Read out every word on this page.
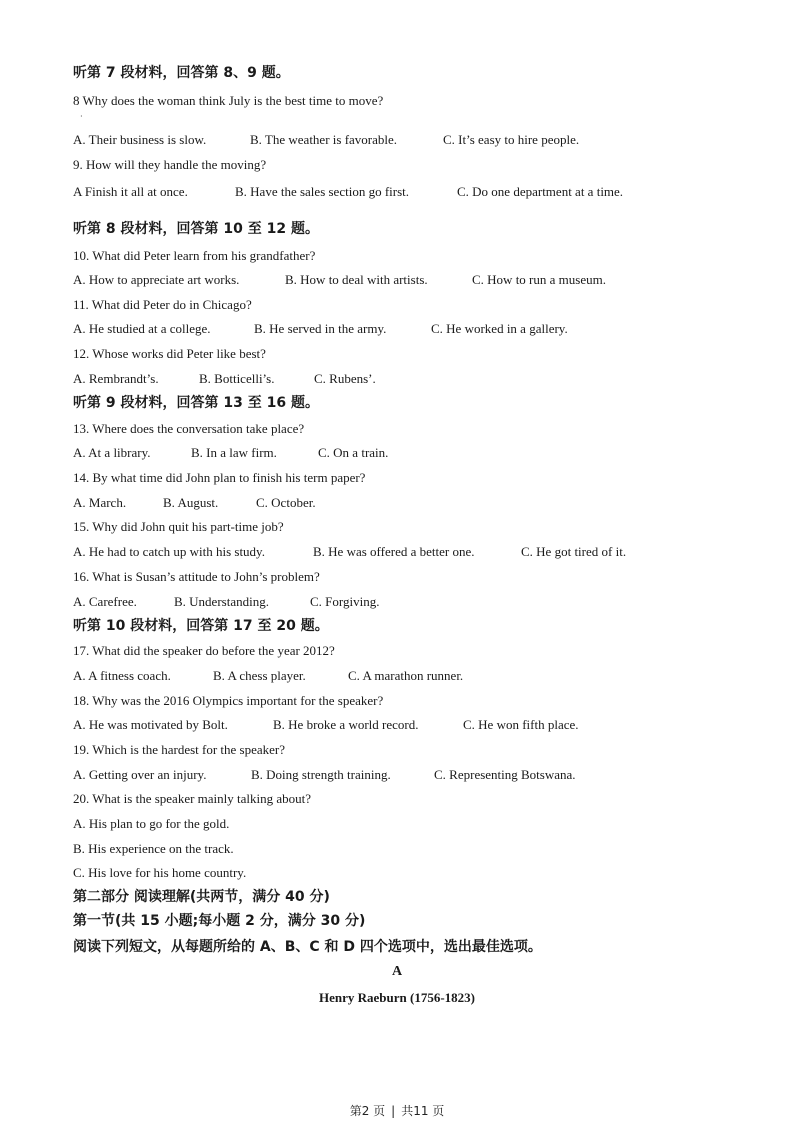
听第 7 段材料，回答第 8、9 题。
8 Why does the woman think July is the best time to move?
·
A. Their business is slow.	B. The weather is favorable.	C. It’s easy to hire people.
9. How will they handle the moving?
A Finish it all at once.	B. Have the sales section go first.	C. Do one department at a time.
听第 8 段材料，回答第 10 至 12 题。
10. What did Peter learn from his grandfather?
A. How to appreciate art works.	B. How to deal with artists.	C. How to run a museum.
11. What did Peter do in Chicago?
A. He studied at a college.	B. He served in the army.	C. He worked in a gallery.
12. Whose works did Peter like best?
A. Rembrandt’s.	B. Botticelli’s.	C. Rubens’.
听第 9 段材料，回答第 13 至 16 题。
13. Where does the conversation take place?
A. At a library.	B. In a law firm.	C. On a train.
14. By what time did John plan to finish his term paper?
A. March.	B. August.	C. October.
15. Why did John quit his part-time job?
A. He had to catch up with his study.	B. He was offered a better one.	C. He got tired of it.
16. What is Susan’s attitude to John’s problem?
A. Carefree.	B. Understanding.	C. Forgiving.
听第 10 段材料，回答第 17 至 20 题。
17. What did the speaker do before the year 2012?
A. A fitness coach.	B. A chess player.	C. A marathon runner.
18. Why was the 2016 Olympics important for the speaker?
A. He was motivated by Bolt.	B. He broke a world record.	C. He won fifth place.
19. Which is the hardest for the speaker?
A. Getting over an injury.	B. Doing strength training.	C. Representing Botswana.
20. What is the speaker mainly talking about?
A. His plan to go for the gold.
B. His experience on the track.
C. His love for his home country.
第二部分 阅读理解(共两节，满分 40 分)
第一节(共 15 小题;每小题 2 分，满分 30 分)
阅读下列短文，从每题所给的 A、B、C 和 D 四个选项中，选出最佳选项。
A
Henry Raeburn (1756-1823)
第2 页 | 共11 页
